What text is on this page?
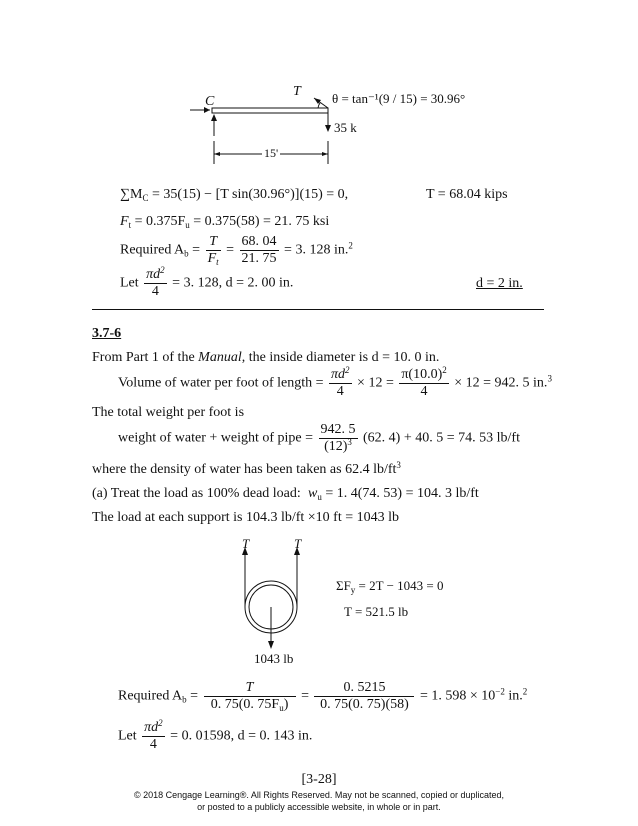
C
T θ = tan⁻¹(9 / 15) = 30.96°
35 k
15'
$\sum M_C = 35(15) - [T$ sin(30.96°)](15) = 0,	T = 68.04 kips
$F_t = 0.375F_u = 0.375(58) = 21$. 75 ksi
Required $A_b = \frac{T}{F_t} = \frac{68. 04}{21. 75} = 3$. 128 in.$^2$
Let $\frac{\pi d^2}{4} = 3$. 128, d = 2. 00 in.	d = 2 in.
3.7-6
From Part 1 of the Manual, the inside diameter is d = 10. 0 in.
Volume of water per foot of length = $\frac{\pi d^2}{4} \times 12 = \frac{\pi(10.0)^2}{4} \times 12 = 942$. 5 in.$^3$
The total weight per foot is
weight of water + weight of pipe = $\frac{942. 5}{(12)^3} (62$. 4) + 40. 5 = 74. 53 lb/ft
where the density of water has been taken as 62.4 $lb/ft^3$
(a) Treat the load as 100% dead load: $w_u = 1$. 4(74. 53) = 104. 3 lb/ft
The load at each support is 104.3 lb/ft ×10 ft = 1043 lb
T	T
$\Sigma F_y = 2T - 1043 = 0$
T = 521.5 lb
1043 lb
Required $A_b = \frac{T}{0. 75(0. 75F_u)} = \frac{0. 5215}{0. 75(0. 75)(58)} = 1$. $598 \times 10^{-2}$ in.$^2$
Let $\frac{\pi d^2}{4} = 0$. 01598, d = 0. 143 in.
[3-28]
© 2018 Cengage Learning®. All Rights Reserved. May not be scanned, copied or duplicated,
or posted to a publicly accessible website, in whole or in part.
